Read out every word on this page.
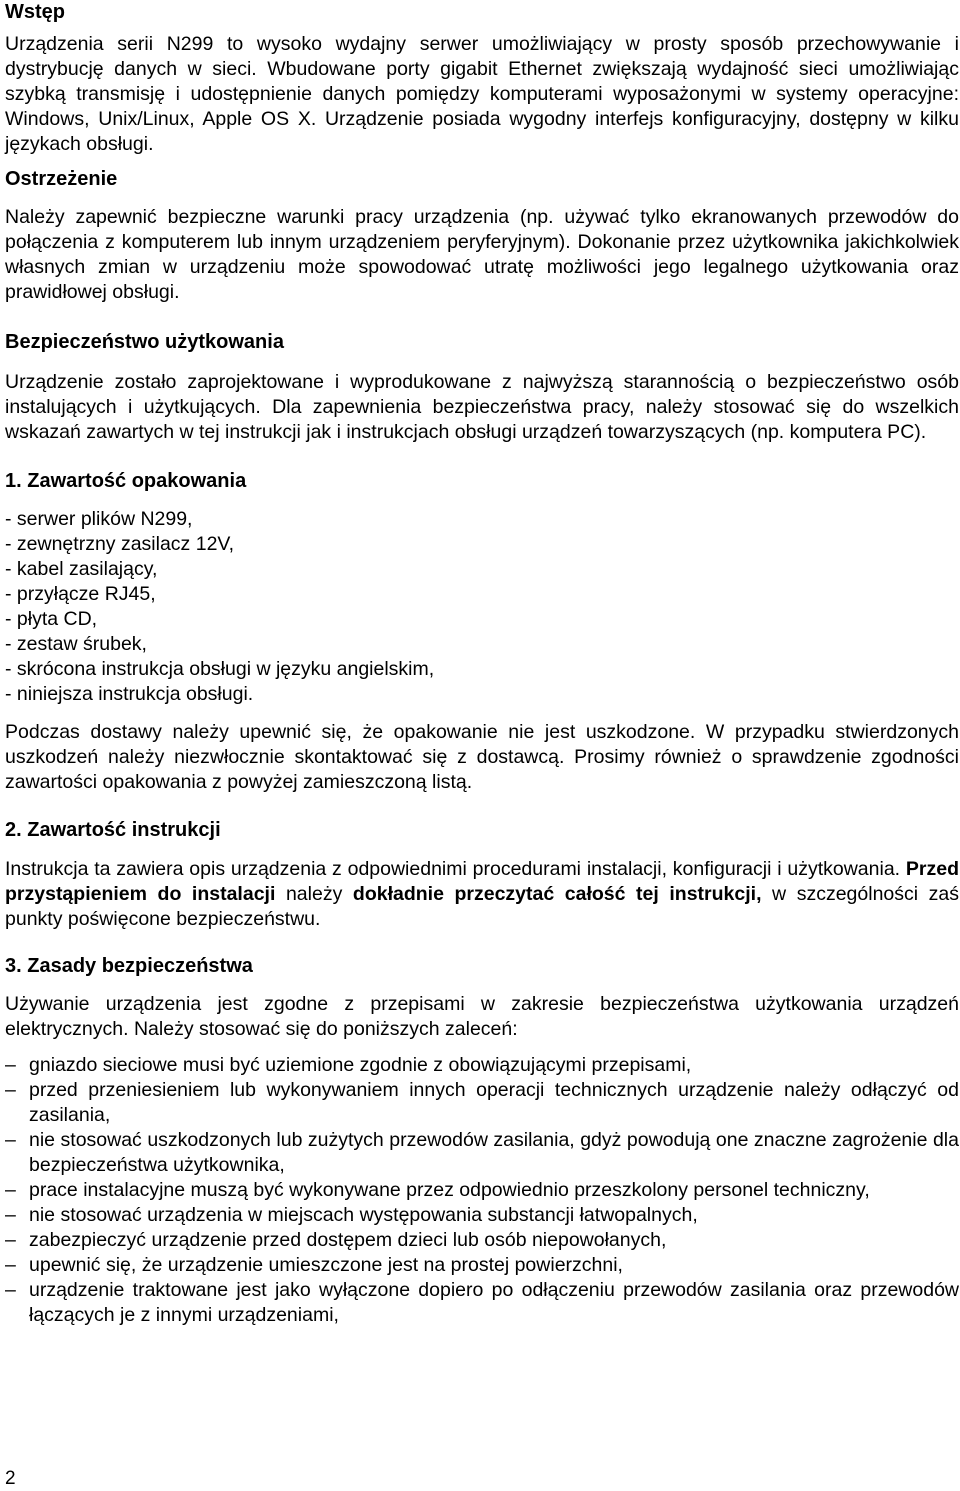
Wstęp

Urządzenia serii N299 to wysoko wydajny serwer umożliwiający w prosty sposób przechowywanie i dystrybucję danych w sieci. Wbudowane porty gigabit Ethernet zwiększają wydajność sieci umożliwiając szybką transmisję i udostępnienie danych pomiędzy komputerami wyposażonymi w systemy operacyjne: Windows, Unix/Linux, Apple OS X. Urządzenie posiada wygodny interfejs konfiguracyjny, dostępny w kilku językach obsługi.

Ostrzeżenie

Należy zapewnić bezpieczne warunki pracy urządzenia (np. używać tylko ekranowanych przewodów do połączenia z komputerem lub innym urządzeniem peryferyjnym). Dokonanie przez użytkownika jakichkolwiek własnych zmian w urządzeniu może spowodować utratę możliwości jego legalnego użytkowania oraz prawidłowej obsługi.

Bezpieczeństwo użytkowania

Urządzenie zostało zaprojektowane i wyprodukowane z najwyższą starannością o bezpieczeństwo osób instalujących i użytkujących. Dla zapewnienia bezpieczeństwa pracy, należy stosować się do wszelkich wskazań zawartych w tej instrukcji jak i instrukcjach obsługi urządzeń towarzyszących (np. komputera PC).

1. Zawartość opakowania
- serwer plików N299,
- zewnętrzny zasilacz 12V,
- kabel zasilający,
- przyłącze RJ45,
- płyta CD,
- zestaw śrubek,
- skrócona instrukcja obsługi w języku angielskim,
- niniejsza instrukcja obsługi.

Podczas dostawy należy upewnić się, że opakowanie nie jest uszkodzone. W przypadku stwierdzonych uszkodzeń należy niezwłocznie skontaktować się z dostawcą. Prosimy również o sprawdzenie zgodności zawartości opakowania z powyżej zamieszczoną listą.

2. Zawartość instrukcji

Instrukcja ta zawiera opis urządzenia z odpowiednimi procedurami instalacji, konfiguracji i użytkowania. Przed przystąpieniem do instalacji należy dokładnie przeczytać całość tej instrukcji, w szczególności zaś punkty poświęcone bezpieczeństwu.

3. Zasady bezpieczeństwa

Używanie urządzenia jest zgodne z przepisami w zakresie bezpieczeństwa użytkowania urządzeń elektrycznych. Należy stosować się do poniższych zaleceń:

– gniazdo sieciowe musi być uziemione zgodnie z obowiązującymi przepisami,
– przed przeniesieniem lub wykonywaniem innych operacji technicznych urządzenie należy odłączyć od zasilania,
– nie stosować uszkodzonych lub zużytych przewodów zasilania, gdyż powodują one znaczne zagrożenie dla bezpieczeństwa użytkownika,
– prace instalacyjne muszą być wykonywane przez odpowiednio przeszkolony personel techniczny,
– nie stosować urządzenia w miejscach występowania substancji łatwopalnych,
– zabezpieczyć urządzenie przed dostępem dzieci lub osób niepowołanych,
– upewnić się, że urządzenie umieszczone jest na prostej powierzchni,
– urządzenie traktowane jest jako wyłączone dopiero po odłączeniu przewodów zasilania oraz przewodów łączących je z innymi urządzeniami,
2
